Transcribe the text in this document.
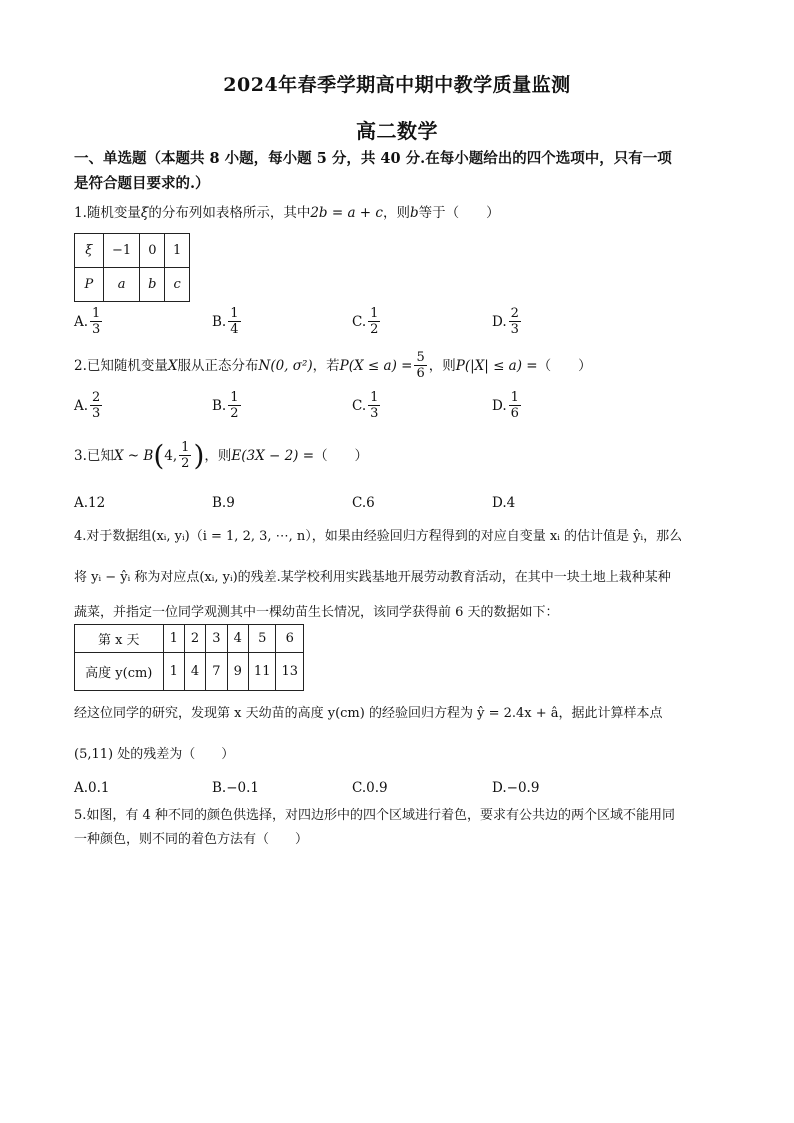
2024年春季学期高中期中教学质量监测
高二数学
一、单选题（本题共 8 小题，每小题 5 分，共 40 分.在每小题给出的四个选项中，只有一项
是符合题目要求的.）
1.随机变量ξ的分布列如表格所示，其中2b = a + c，则b等于（　　）
ξ	−1	0	1
P	a	b	c
A. $\frac{1}{3}$	B. $\frac{1}{4}$	C. $\frac{1}{2}$	D. $\frac{2}{3}$
2.已知随机变量 X 服从正态分布 N(0, σ²) ，若 $P(X \le a) = \frac{5}{6}$ ，则 P(|X| ≤ a) = （　　）
A. $\frac{2}{3}$	B. $\frac{1}{2}$	C. $\frac{1}{3}$	D. $\frac{1}{6}$
3.已知 X ~ B ( 4, $\frac{1}{2}$ ) ，则 E(3X − 2) = （　　）
A. 12	B. 9	C. 6	D. 4
4.对于数据组(xᵢ, yᵢ)（i = 1, 2, 3, ⋯, n），如果由经验回归方程得到的对应自变量 xᵢ 的估计值是 ŷᵢ，那么
将 yᵢ − ŷᵢ 称为对应点(xᵢ, yᵢ)的残差.某学校利用实践基地开展劳动教育活动，在其中一块土地上栽种某种
蔬菜，并指定一位同学观测其中一棵幼苗生长情况，该同学获得前 6 天的数据如下：
第 x 天	1	2	3	4	5	6
高度 y(cm)	1	4	7	9	11	13
经这位同学的研究，发现第 x 天幼苗的高度 y(cm) 的经验回归方程为 ŷ = 2.4x + â，据此计算样本点
(5,11) 处的残差为（　　）
A. 0.1	B. −0.1	C. 0.9	D. −0.9
5.如图，有 4 种不同的颜色供选择，对四边形中的四个区域进行着色，要求有公共边的两个区域不能用同
一种颜色，则不同的着色方法有（　　）
